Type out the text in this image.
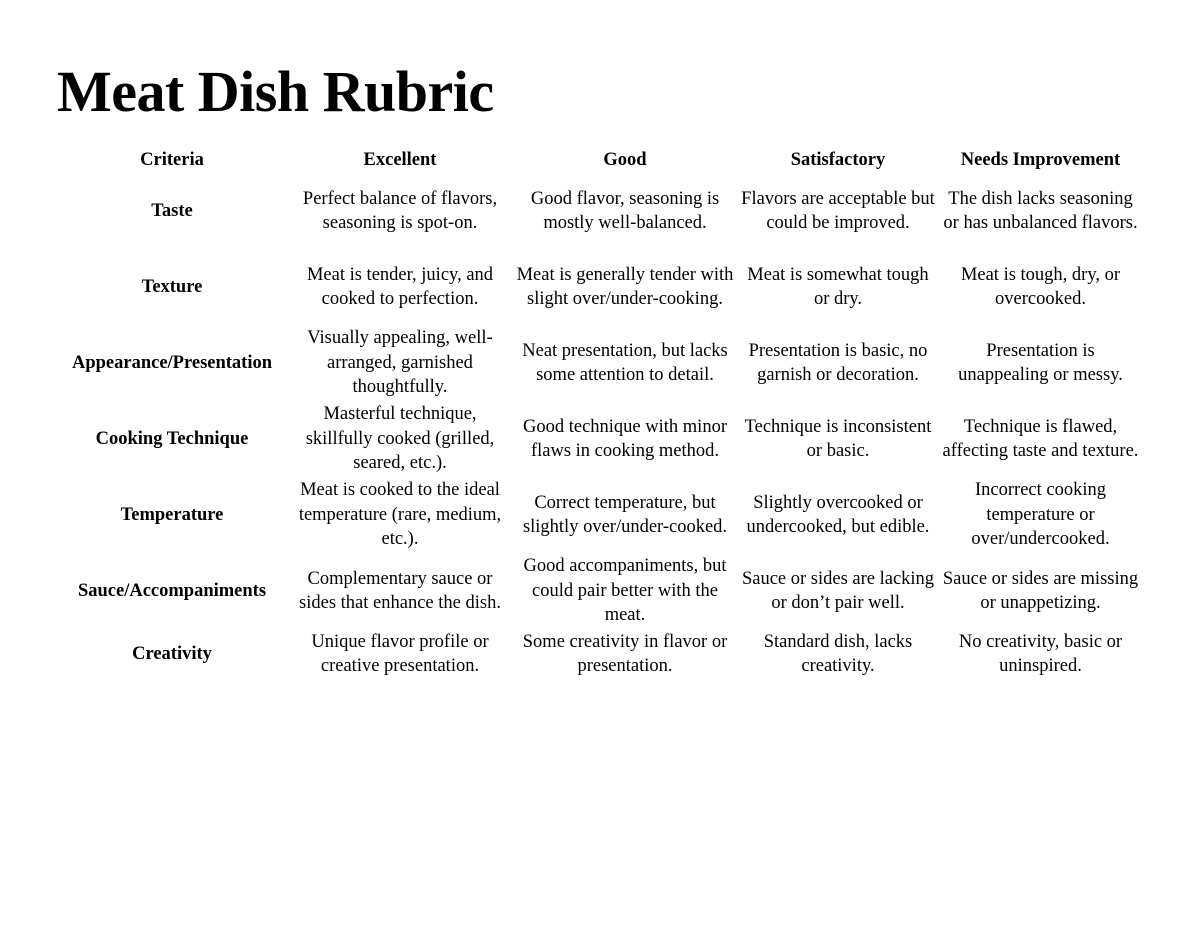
Meat Dish Rubric
Criteria	Excellent	Good	Satisfactory	Needs Improvement
Taste	Perfect balance of flavors, seasoning is spot-on.	Good flavor, seasoning is mostly well-balanced.	Flavors are acceptable but could be improved.	The dish lacks seasoning or has unbalanced flavors.
Texture	Meat is tender, juicy, and cooked to perfection.	Meat is generally tender with slight over/under-cooking.	Meat is somewhat tough or dry.	Meat is tough, dry, or overcooked.
Appearance/Presentation	Visually appealing, well-arranged, garnished thoughtfully.	Neat presentation, but lacks some attention to detail.	Presentation is basic, no garnish or decoration.	Presentation is unappealing or messy.
Cooking Technique	Masterful technique, skillfully cooked (grilled, seared, etc.).	Good technique with minor flaws in cooking method.	Technique is inconsistent or basic.	Technique is flawed, affecting taste and texture.
Temperature	Meat is cooked to the ideal temperature (rare, medium, etc.).	Correct temperature, but slightly over/under-cooked.	Slightly overcooked or undercooked, but edible.	Incorrect cooking temperature or over/undercooked.
Sauce/Accompaniments	Complementary sauce or sides that enhance the dish.	Good accompaniments, but could pair better with the meat.	Sauce or sides are lacking or don’t pair well.	Sauce or sides are missing or unappetizing.
Creativity	Unique flavor profile or creative presentation.	Some creativity in flavor or presentation.	Standard dish, lacks creativity.	No creativity, basic or uninspired.
